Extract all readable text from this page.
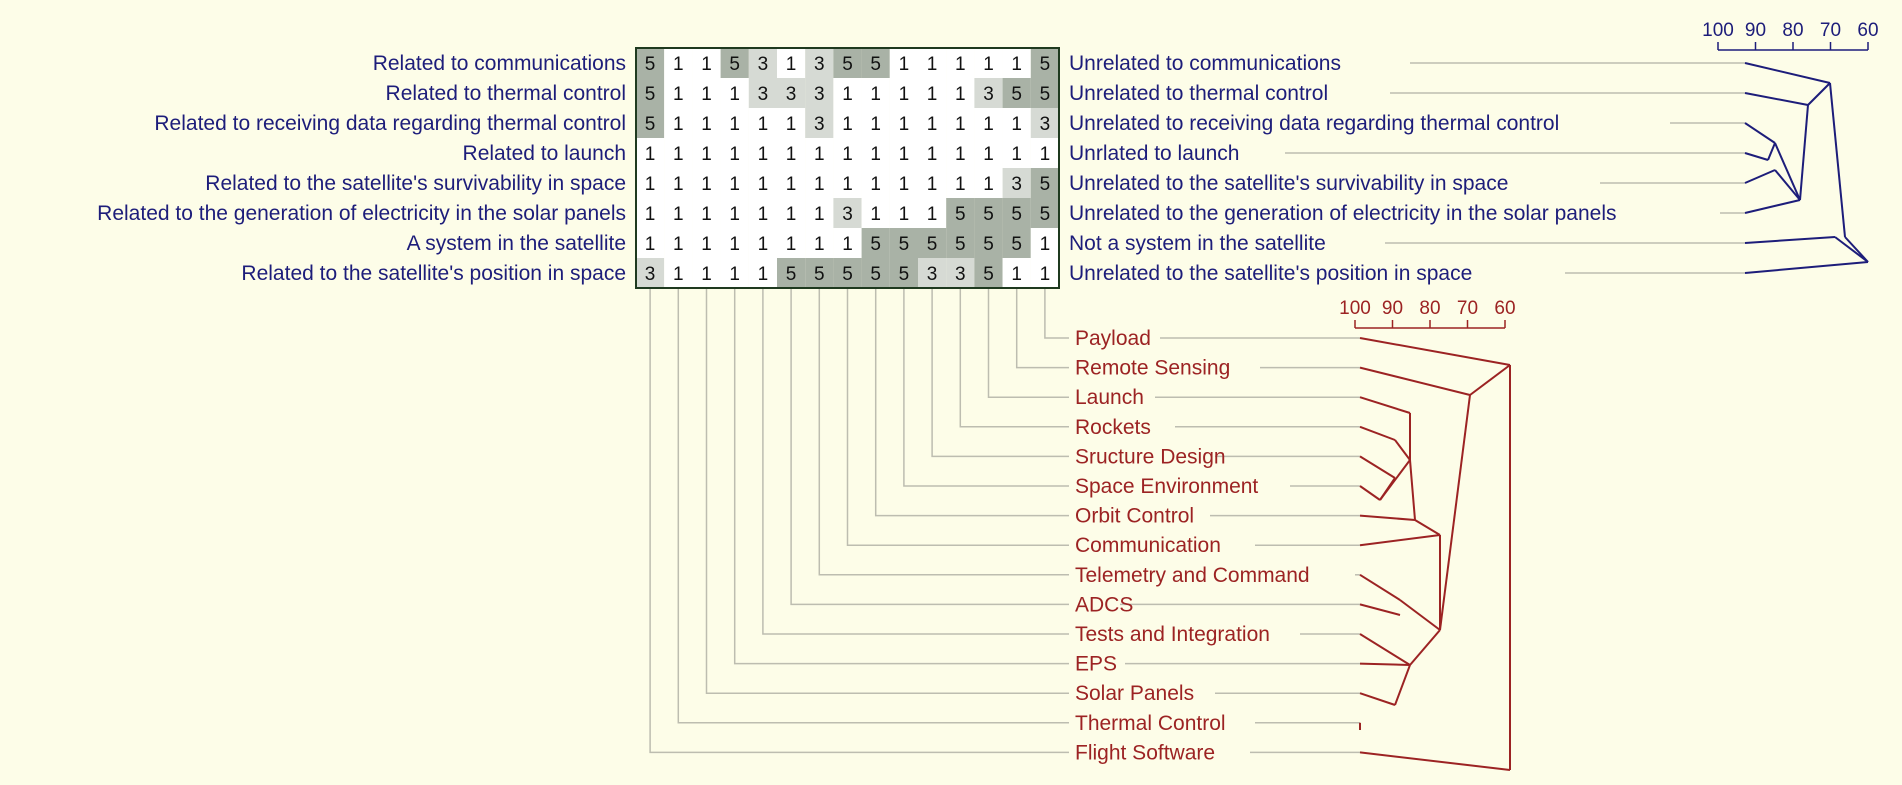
5 1 1 5 3 1 3 5 5 1 1 1 1 1 5
5 1 1 1 3 3 3 1 1 1 1 1 3 5 5
5 1 1 1 1 1 3 1 1 1 1 1 1 1 3
1 1 1 1 1 1 1 1 1 1 1 1 1 1 1
1 1 1 1 1 1 1 1 1 1 1 1 1 3 5
1 1 1 1 1 1 1 3 1 1 1 5 5 5 5
1 1 1 1 1 1 1 1 5 5 5 5 5 5 1
3 1 1 1 1 5 5 5 5 5 3 3 5 1 1
Related to communications
Related to thermal control
Related to receiving data regarding thermal control
Related to launch
Related to the satellite's survivability in space
Related to the generation of electricity in the solar panels
A system in the satellite
Related to the satellite's position in space
Unrelated to communications
Unrelated to thermal control
Unrelated to receiving data regarding thermal control
Unrlated to launch
Unrelated to the satellite's survivability in space
Unrelated to the generation of electricity in the solar panels
Not a system in the satellite
Unrelated to the satellite's position in space
Payload
Remote Sensing
Launch
Rockets
Sructure Design
Space Environment
Orbit Control
Communication
Telemetry and Command
ADCS
Tests and Integration
EPS
Solar Panels
Thermal Control
Flight Software
100 90 80 70 60
100 90 80 70 60
